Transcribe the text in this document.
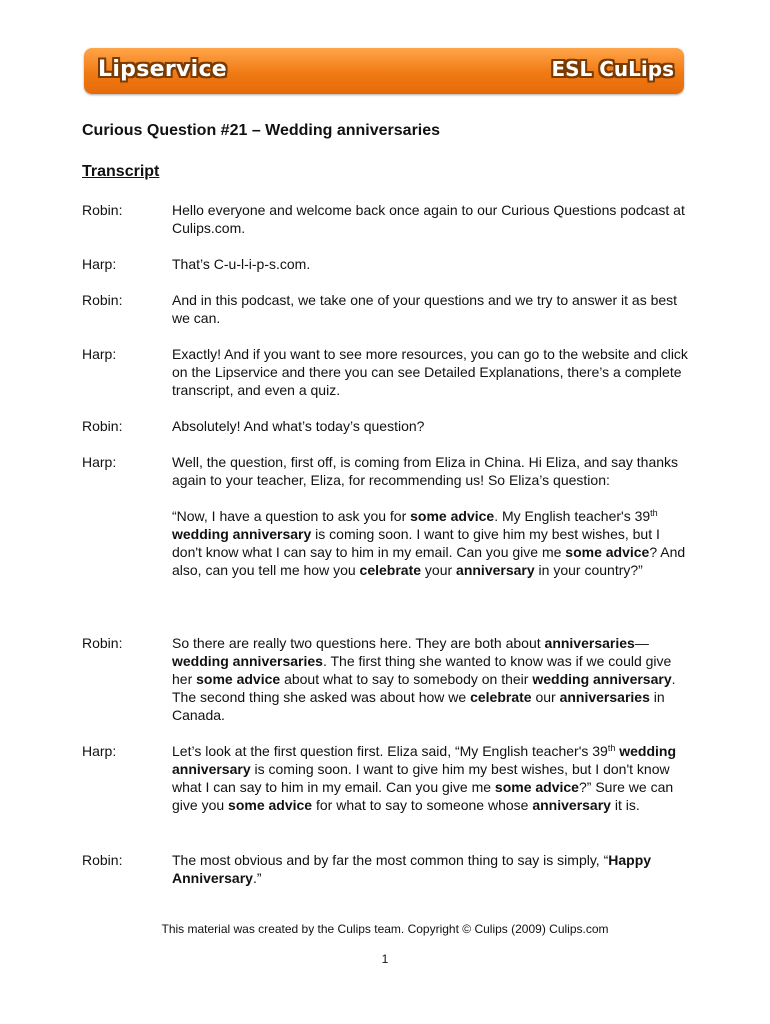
Lipservice	ESL CuLips
Curious Question #21 – Wedding anniversaries
Transcript
Robin:	Hello everyone and welcome back once again to our Curious Questions podcast at Culips.com.

Harp:	That’s C-u-l-i-p-s.com.

Robin:	And in this podcast, we take one of your questions and we try to answer it as best we can.

Harp:	Exactly! And if you want to see more resources, you can go to the website and click on the Lipservice and there you can see Detailed Explanations, there’s a complete transcript, and even a quiz.

Robin:	Absolutely! And what’s today’s question?

Harp:	Well, the question, first off, is coming from Eliza in China. Hi Eliza, and say thanks again to your teacher, Eliza, for recommending us! So Eliza’s question:

“Now, I have a question to ask you for some advice. My English teacher's 39th wedding anniversary is coming soon. I want to give him my best wishes, but I don't know what I can say to him in my email. Can you give me some advice? And also, can you tell me how you celebrate your anniversary in your country?”

Robin:	So there are really two questions here. They are both about anniversaries—wedding anniversaries. The first thing she wanted to know was if we could give her some advice about what to say to somebody on their wedding anniversary. The second thing she asked was about how we celebrate our anniversaries in Canada.

Harp:	Let’s look at the first question first. Eliza said, “My English teacher's 39th wedding anniversary is coming soon. I want to give him my best wishes, but I don't know what I can say to him in my email. Can you give me some advice?” Sure we can give you some advice for what to say to someone whose anniversary it is.

Robin:	The most obvious and by far the most common thing to say is simply, “Happy Anniversary.”

This material was created by the Culips team. Copyright © Culips (2009) Culips.com
1
